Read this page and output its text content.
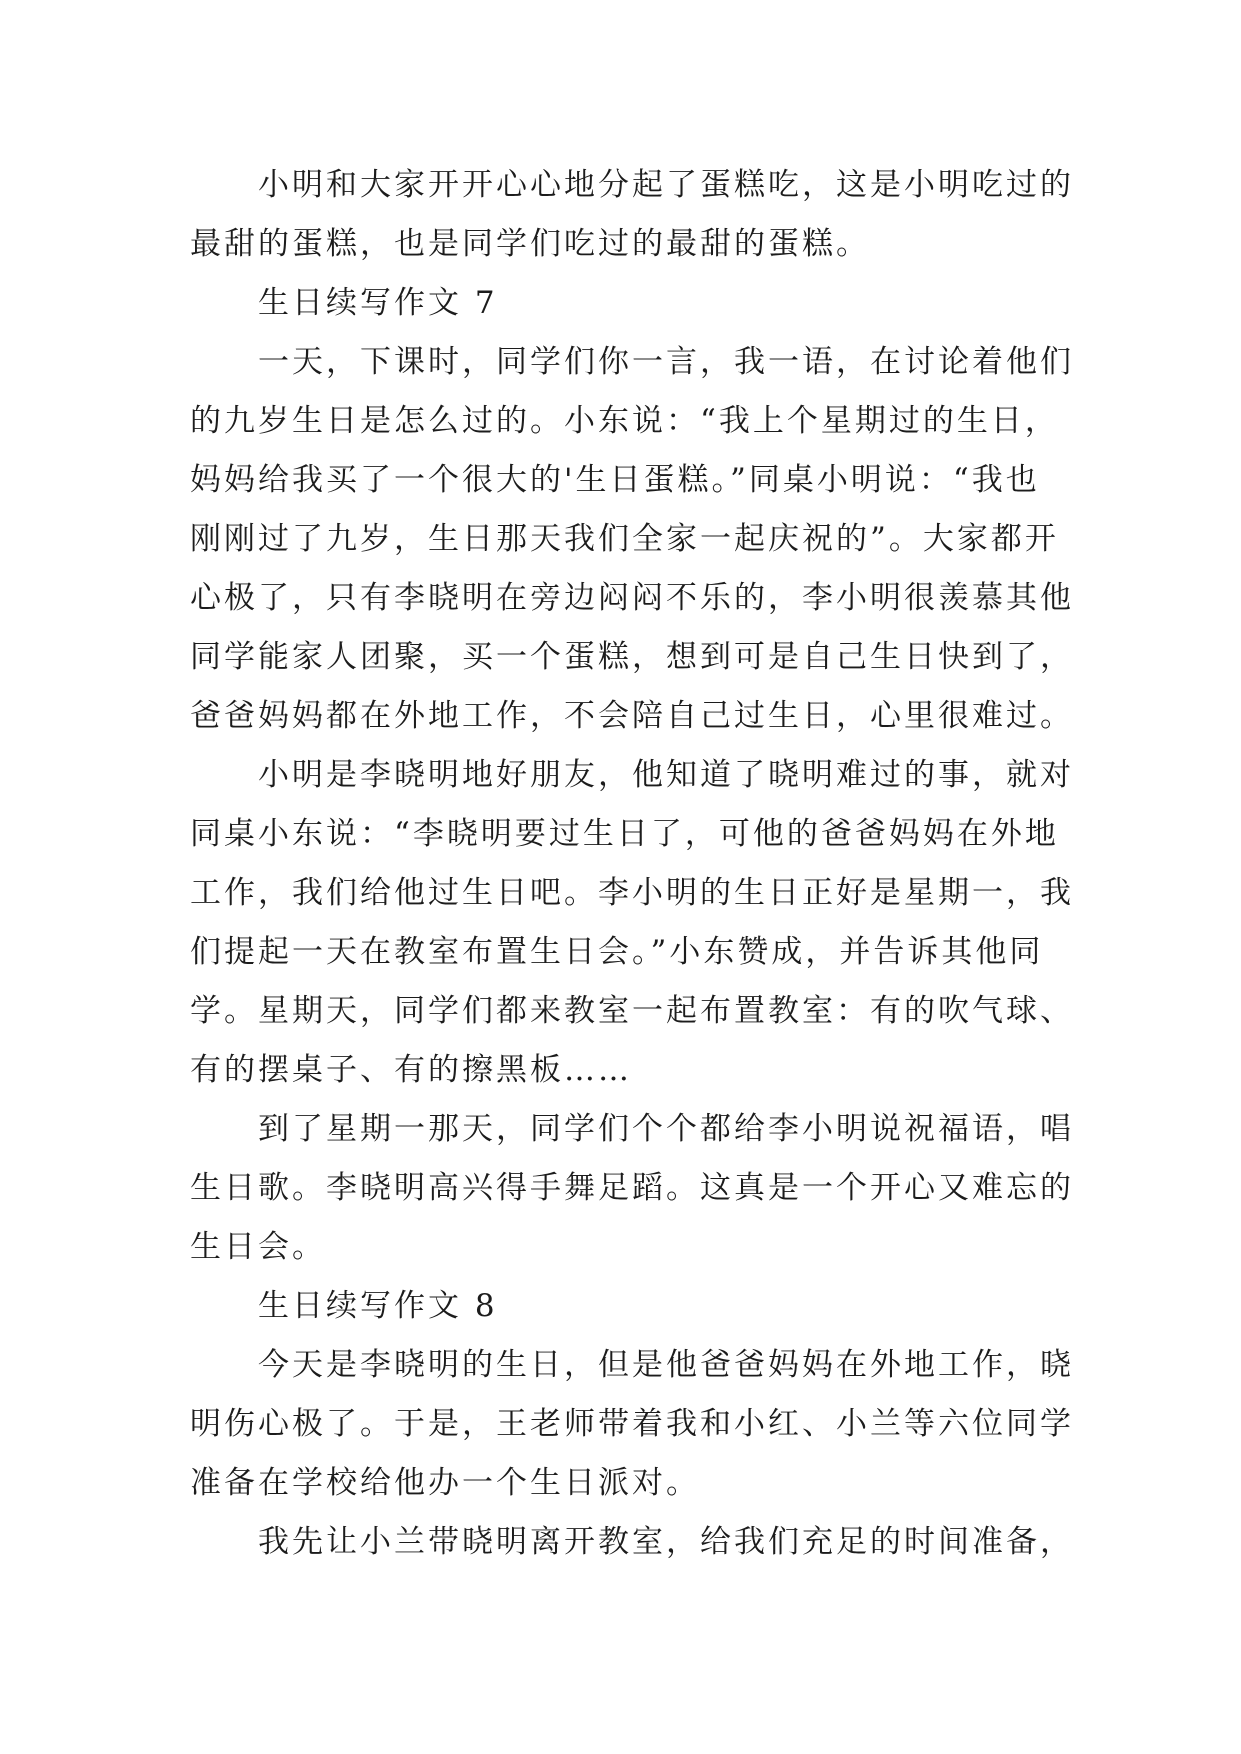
小明和大家开开心心地分起了蛋糕吃，这是小明吃过的
最甜的蛋糕，也是同学们吃过的最甜的蛋糕。
生日续写作文 7
一天，下课时，同学们你一言，我一语，在讨论着他们
的九岁生日是怎么过的。小东说：“我上个星期过的生日，
妈妈给我买了一个很大的'生日蛋糕。”同桌小明说：“我也
刚刚过了九岁，生日那天我们全家一起庆祝的”。大家都开
心极了，只有李晓明在旁边闷闷不乐的，李小明很羡慕其他
同学能家人团聚，买一个蛋糕，想到可是自己生日快到了，
爸爸妈妈都在外地工作，不会陪自己过生日，心里很难过。
小明是李晓明地好朋友，他知道了晓明难过的事，就对
同桌小东说：“李晓明要过生日了，可他的爸爸妈妈在外地
工作，我们给他过生日吧。李小明的生日正好是星期一，我
们提起一天在教室布置生日会。”小东赞成，并告诉其他同
学。星期天，同学们都来教室一起布置教室：有的吹气球、
有的摆桌子、有的擦黑板……
到了星期一那天，同学们个个都给李小明说祝福语，唱
生日歌。李晓明高兴得手舞足蹈。这真是一个开心又难忘的
生日会。
生日续写作文 8
今天是李晓明的生日，但是他爸爸妈妈在外地工作，晓
明伤心极了。于是，王老师带着我和小红、小兰等六位同学
准备在学校给他办一个生日派对。
我先让小兰带晓明离开教室，给我们充足的时间准备，
